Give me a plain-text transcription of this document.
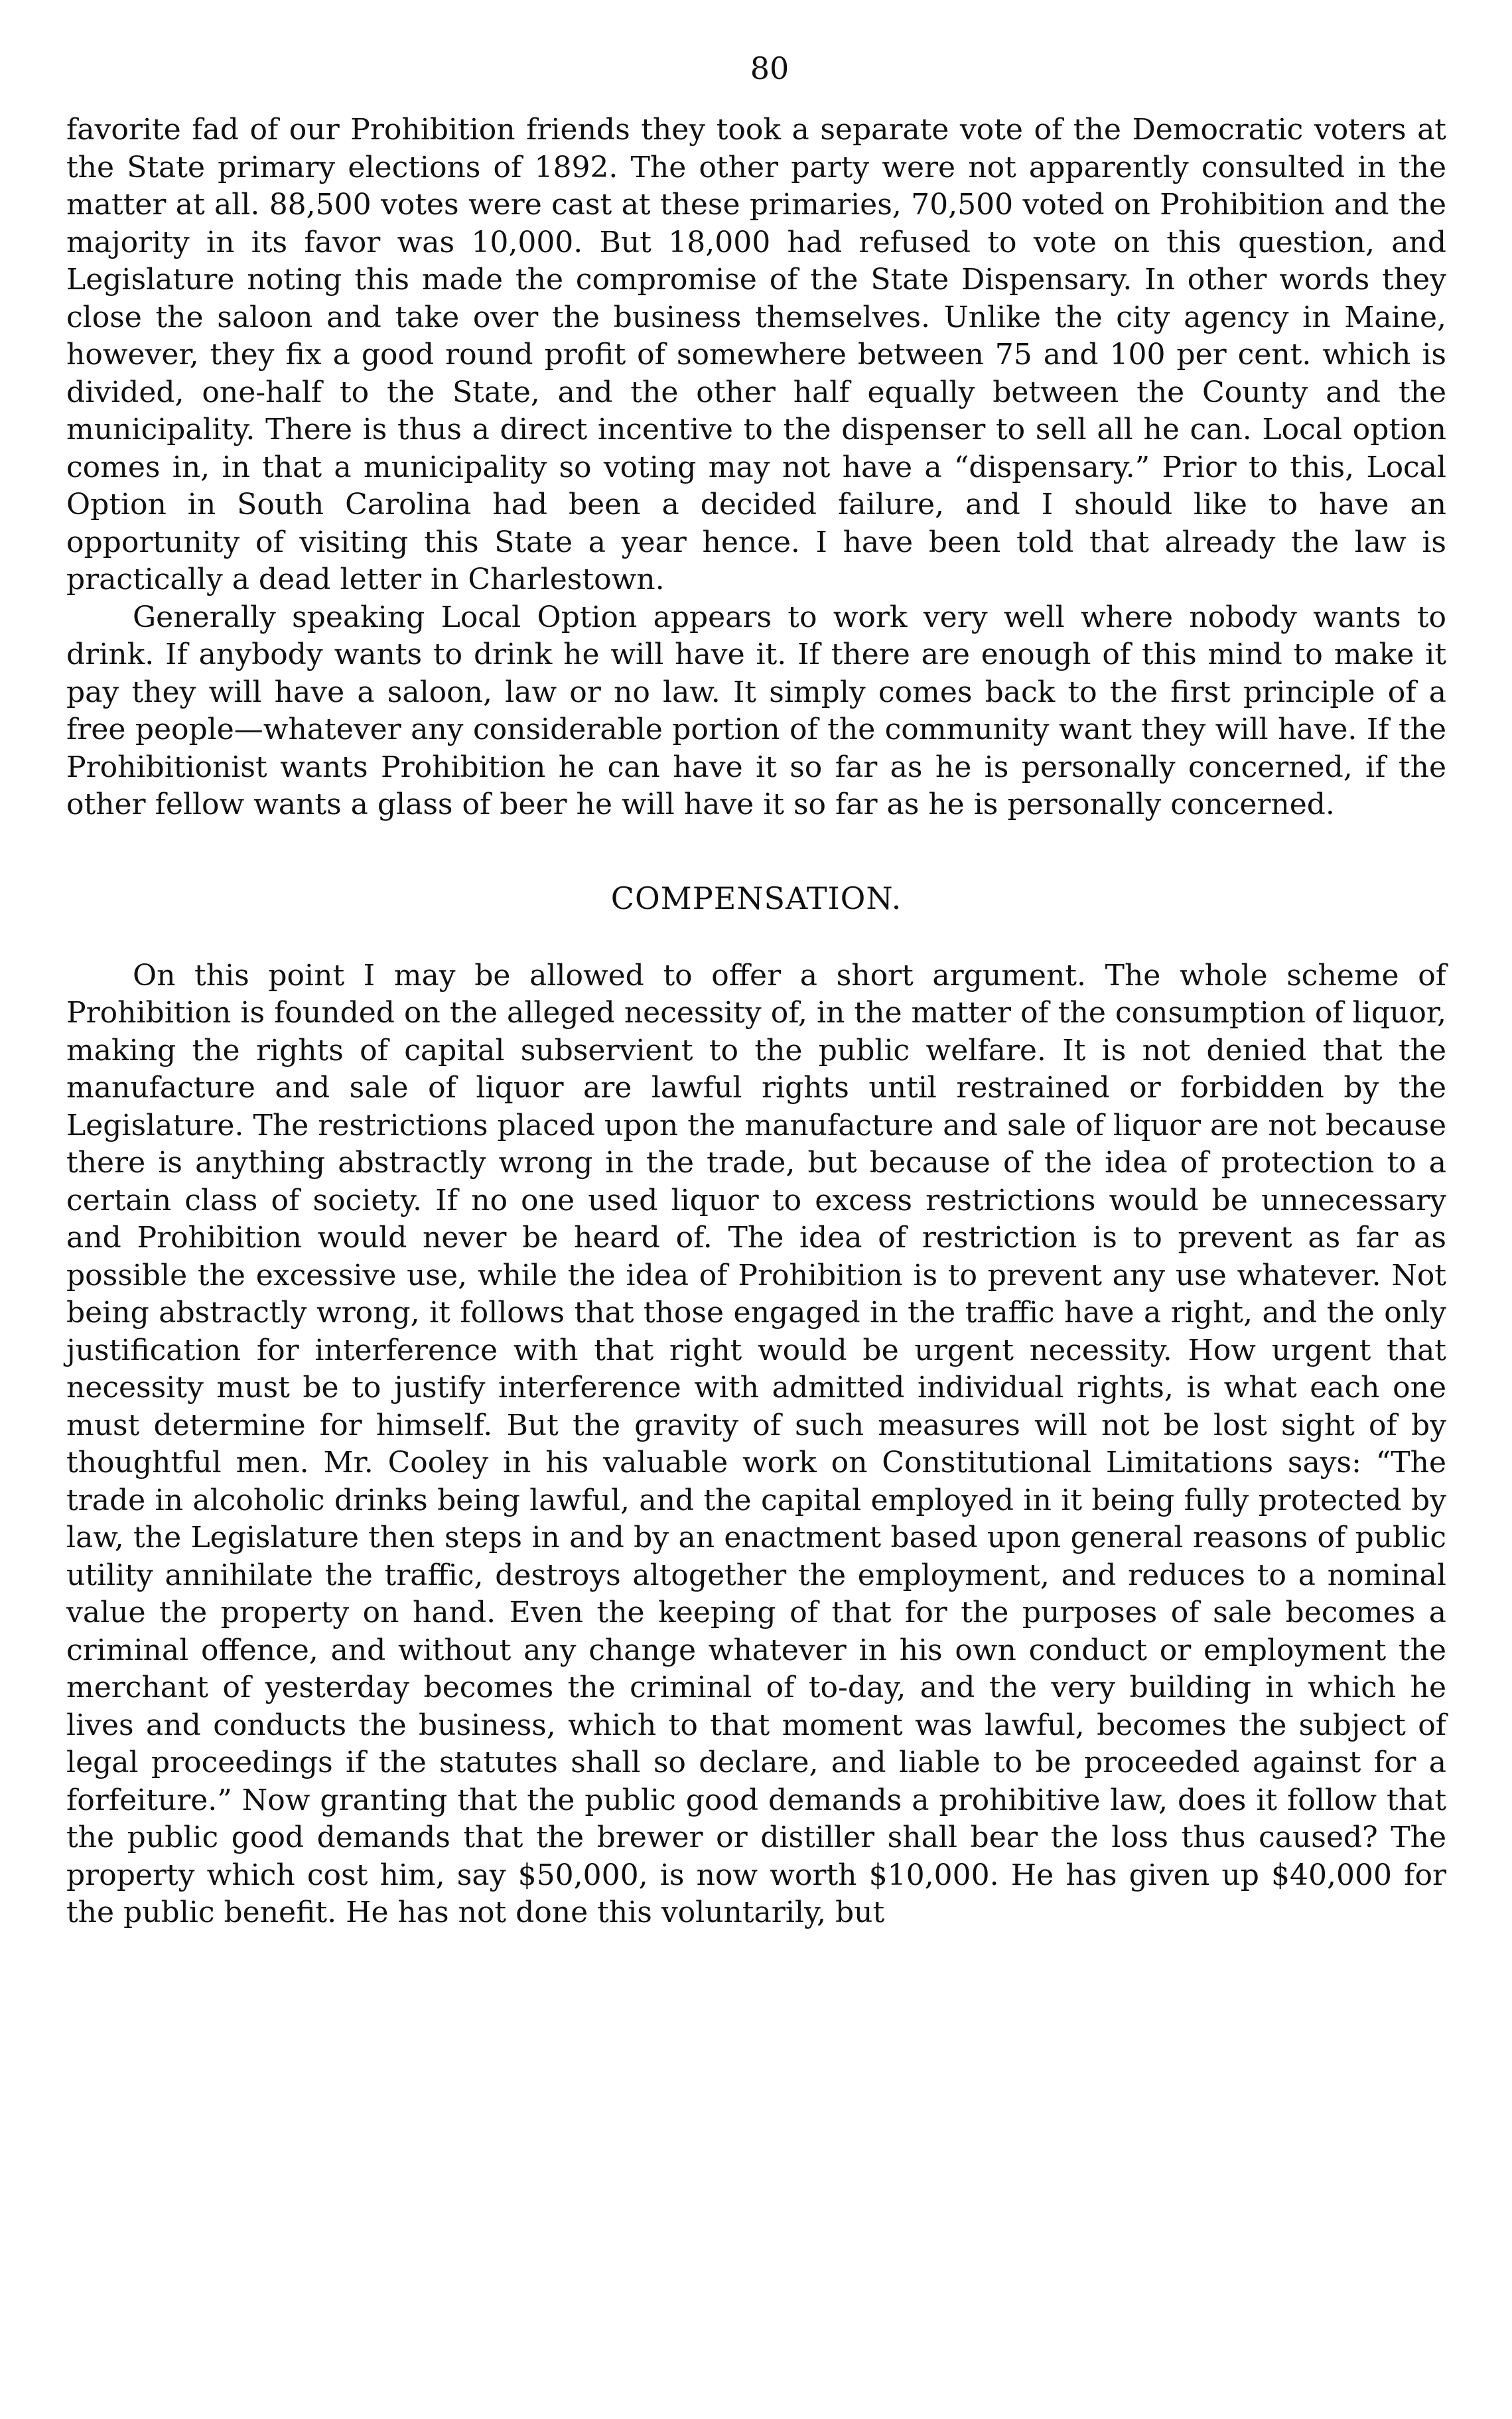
80

favorite fad of our Prohibition friends they took a separate vote of the Democratic voters at the State primary elections of 1892. The other party were not apparently consulted in the matter at all. 88,500 votes were cast at these primaries, 70,500 voted on Prohibition and the majority in its favor was 10,000. But 18,000 had refused to vote on this question, and Legislature noting this made the compromise of the State Dispensary. In other words they close the saloon and take over the business themselves. Unlike the city agency in Maine, however, they fix a good round profit of somewhere between 75 and 100 per cent. which is divided, one-half to the State, and the other half equally between the County and the municipality. There is thus a direct incentive to the dispenser to sell all he can. Local option comes in, in that a municipality so voting may not have a “dispensary.” Prior to this, Local Option in South Carolina had been a decided failure, and I should like to have an opportunity of visiting this State a year hence. I have been told that already the law is practically a dead letter in Charlestown.

Generally speaking Local Option appears to work very well where nobody wants to drink. If anybody wants to drink he will have it. If there are enough of this mind to make it pay they will have a saloon, law or no law. It simply comes back to the first principle of a free people—whatever any considerable portion of the community want they will have. If the Prohibitionist wants Prohibition he can have it so far as he is personally concerned, if the other fellow wants a glass of beer he will have it so far as he is personally concerned.

COMPENSATION.

On this point I may be allowed to offer a short argument. The whole scheme of Prohibition is founded on the alleged necessity of, in the matter of the consumption of liquor, making the rights of capital subservient to the public welfare. It is not denied that the manufacture and sale of liquor are lawful rights until restrained or forbidden by the Legislature. The restrictions placed upon the manufacture and sale of liquor are not because there is anything abstractly wrong in the trade, but because of the idea of protection to a certain class of society. If no one used liquor to excess restrictions would be unnecessary and Prohibition would never be heard of. The idea of restriction is to prevent as far as possible the excessive use, while the idea of Prohibition is to prevent any use whatever. Not being abstractly wrong, it follows that those engaged in the traffic have a right, and the only justification for interference with that right would be urgent necessity. How urgent that necessity must be to justify interference with admitted individual rights, is what each one must determine for himself. But the gravity of such measures will not be lost sight of by thoughtful men. Mr. Cooley in his valuable work on Constitutional Limitations says: “The trade in alcoholic drinks being lawful, and the capital employed in it being fully protected by law, the Legislature then steps in and by an enactment based upon general reasons of public utility annihilate the traffic, destroys altogether the employment, and reduces to a nominal value the property on hand. Even the keeping of that for the purposes of sale becomes a criminal offence, and without any change whatever in his own conduct or employment the merchant of yesterday becomes the criminal of to-day, and the very building in which he lives and conducts the business, which to that moment was lawful, becomes the subject of legal proceedings if the statutes shall so declare, and liable to be proceeded against for a forfeiture.” Now granting that the public good demands a prohibitive law, does it follow that the public good demands that the brewer or distiller shall bear the loss thus caused? The property which cost him, say $50,000, is now worth $10,000. He has given up $40,000 for the public benefit. He has not done this voluntarily, but
